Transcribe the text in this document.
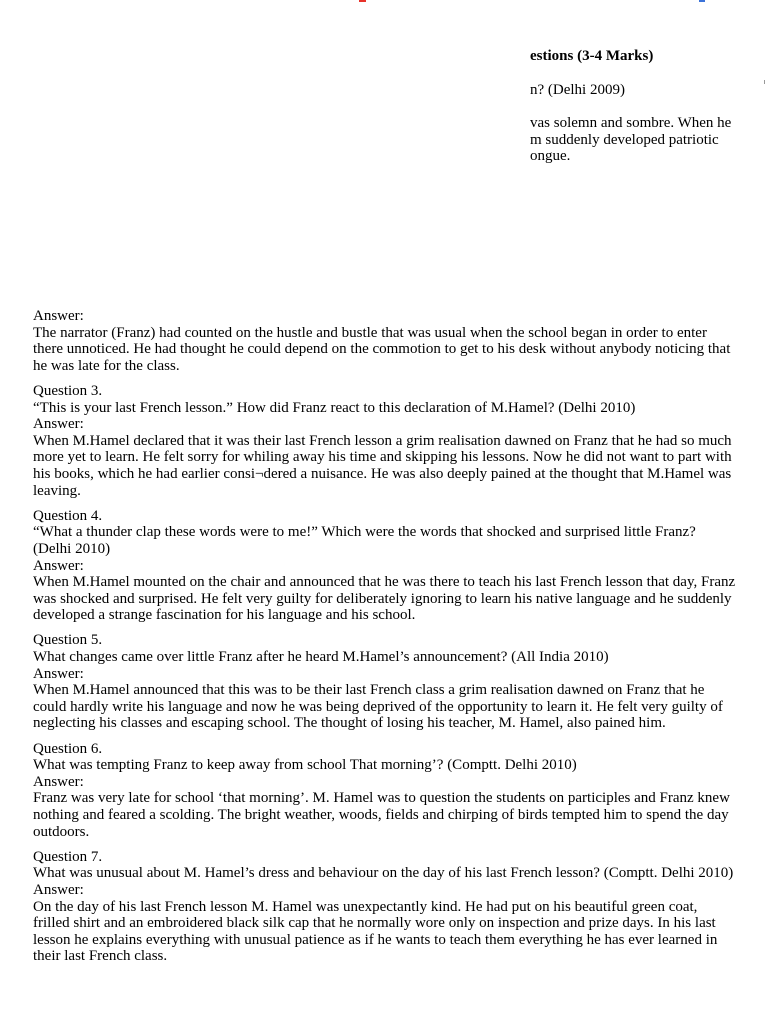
estions (3-4 Marks)
n? (Delhi 2009)
vas solemn and sombre. When he
m suddenly developed patriotic
ongue.
Answer:
The narrator (Franz) had counted on the hustle and bustle that was usual when the school began in order to enter there unnoticed. He had thought he could depend on the commotion to get to his desk without anybody noticing that he was late for the class.
Question 3.
“This is your last French lesson.” How did Franz react to this declaration of M.Hamel? (Delhi 2010)
Answer:
When M.Hamel declared that it was their last French lesson a grim realisation dawned on Franz that he had so much more yet to learn. He felt sorry for whiling away his time and skipping his lessons. Now he did not want to part with his books, which he had earlier consi¬dered a nuisance. He was also deeply pained at the thought that M.Hamel was leaving.
Question 4.
“What a thunder clap these words were to me!” Which were the words that shocked and surprised little Franz? (Delhi 2010)
Answer:
When M.Hamel mounted on the chair and announced that he was there to teach his last French lesson that day, Franz was shocked and surprised. He felt very guilty for deliberately ignoring to learn his native language and he suddenly developed a strange fascination for his language and his school.
Question 5.
What changes came over little Franz after he heard M.Hamel’s announcement? (All India 2010)
Answer:
When M.Hamel announced that this was to be their last French class a grim realisation dawned on Franz that he could hardly write his language and now he was being deprived of the opportunity to learn it. He felt very guilty of neglecting his classes and escaping school. The thought of losing his teacher, M. Hamel, also pained him.
Question 6.
What was tempting Franz to keep away from school That morning’? (Comptt. Delhi 2010)
Answer:
Franz was very late for school ‘that morning’. M. Hamel was to question the students on participles and Franz knew nothing and feared a scolding. The bright weather, woods, fields and chirping of birds tempted him to spend the day outdoors.
Question 7.
What was unusual about M. Hamel’s dress and behaviour on the day of his last French lesson? (Comptt. Delhi 2010)
Answer:
On the day of his last French lesson M. Hamel was unexpectantly kind. He had put on his beautiful green coat, frilled shirt and an embroidered black silk cap that he normally wore only on inspection and prize days. In his last lesson he explains everything with unusual patience as if he wants to teach them everything he has ever learned in their last French class.
